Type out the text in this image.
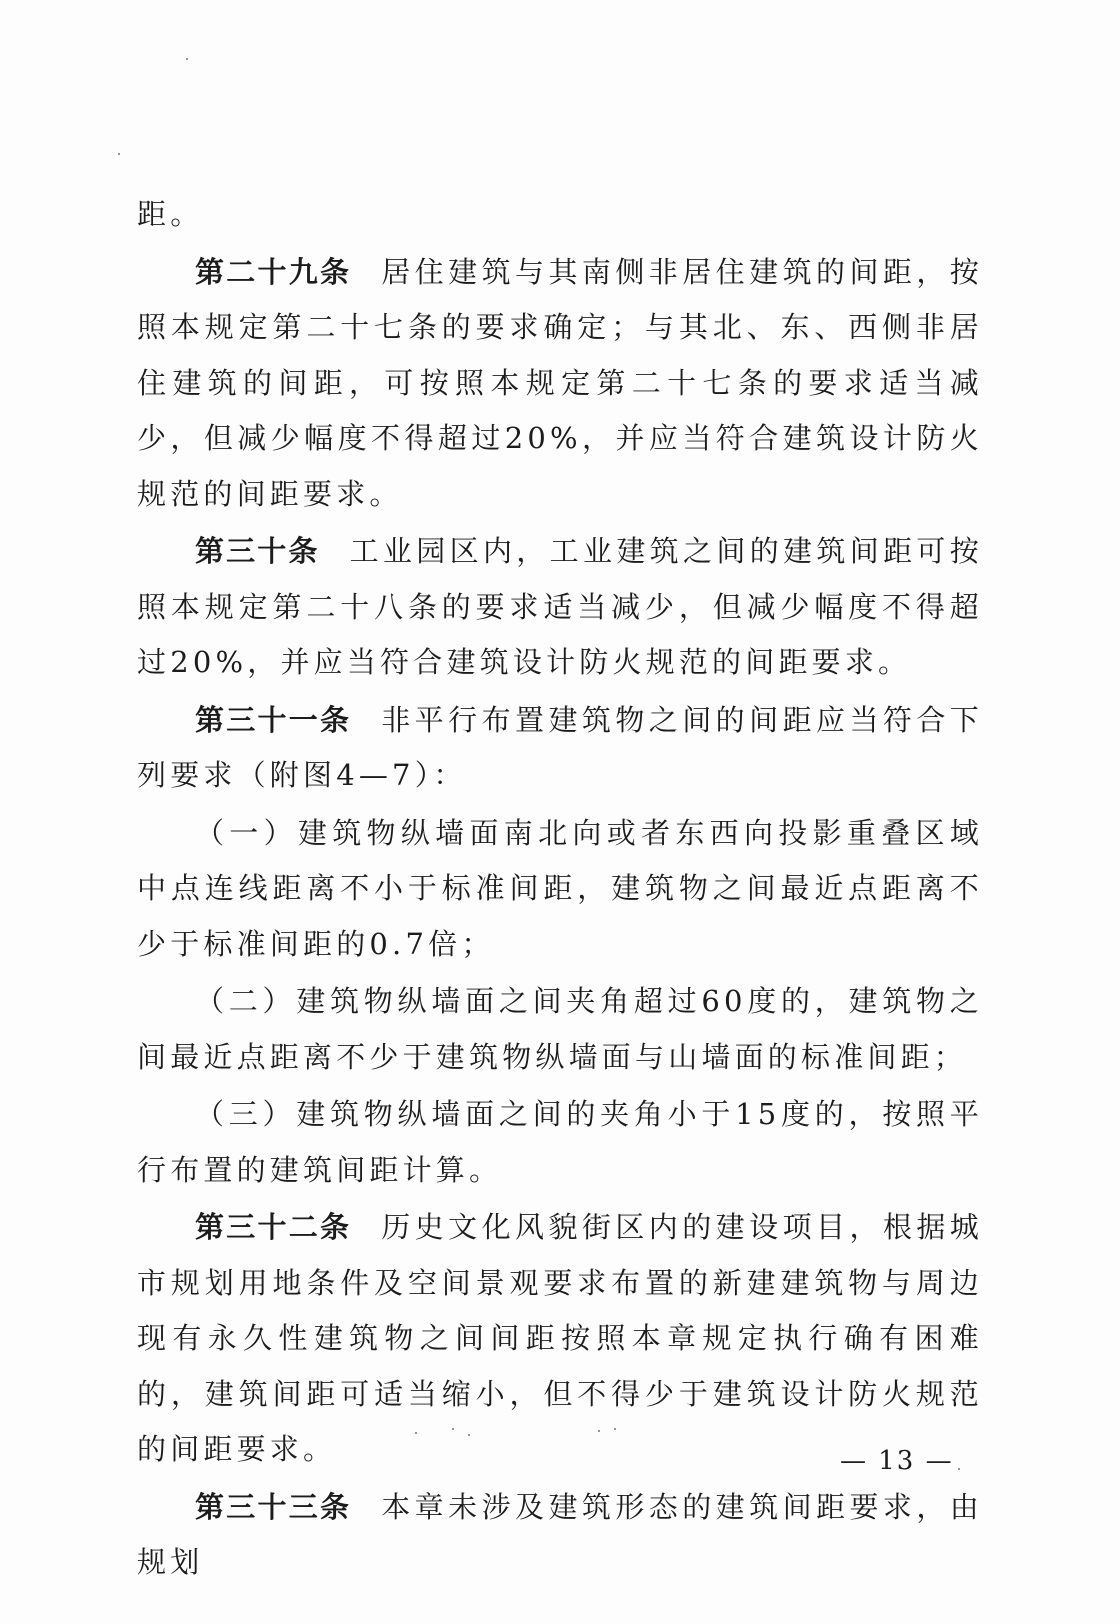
距。

第二十九条 居住建筑与其南侧非居住建筑的间距，按照本规定第二十七条的要求确定；与其北、东、西侧非居住建筑的间距，可按照本规定第二十七条的要求适当减少，但减少幅度不得超过20%，并应当符合建筑设计防火规范的间距要求。

第三十条 工业园区内，工业建筑之间的建筑间距可按照本规定第二十八条的要求适当减少，但减少幅度不得超过20%，并应当符合建筑设计防火规范的间距要求。

第三十一条 非平行布置建筑物之间的间距应当符合下列要求（附图4—7）：

（一）建筑物纵墙面南北向或者东西向投影重叠区域中点连线距离不小于标准间距，建筑物之间最近点距离不少于标准间距的0.7倍；

（二）建筑物纵墙面之间夹角超过60度的，建筑物之间最近点距离不少于建筑物纵墙面与山墙面的标准间距；

（三）建筑物纵墙面之间的夹角小于15度的，按照平行布置的建筑间距计算。

第三十二条 历史文化风貌街区内的建设项目，根据城市规划用地条件及空间景观要求布置的新建建筑物与周边现有永久性建筑物之间间距按照本章规定执行确有困难的，建筑间距可适当缩小，但不得少于建筑设计防火规范的间距要求。

第三十三条 本章未涉及建筑形态的建筑间距要求，由规划

— 13 —
